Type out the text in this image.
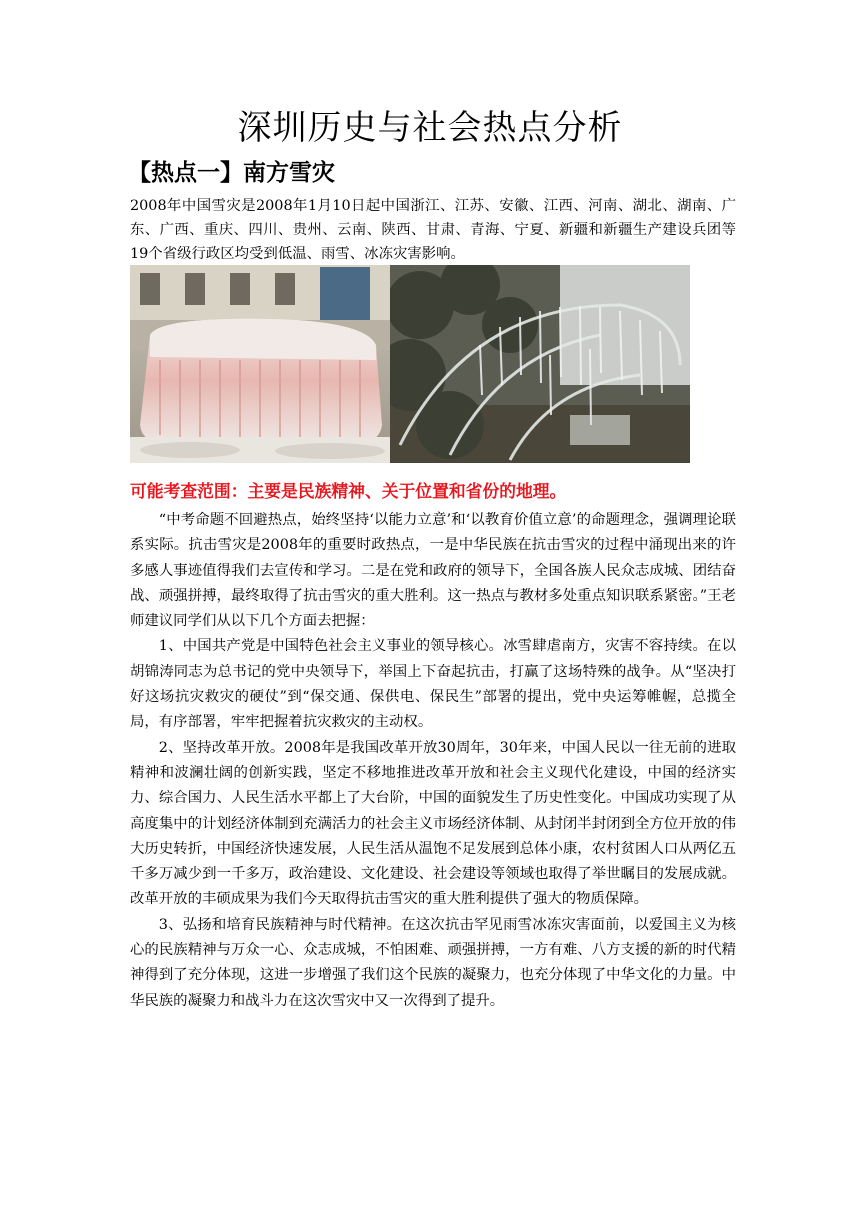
深圳历史与社会热点分析
【热点一】南方雪灾
2008年中国雪灾是2008年1月10日起中国浙江、江苏、安徽、江西、河南、湖北、湖南、广东、广西、重庆、四川、贵州、云南、陕西、甘肃、青海、宁夏、新疆和新疆生产建设兵团等19个省级行政区均受到低温、雨雪、冰冻灾害影响。
可能考查范围：主要是民族精神、关于位置和省份的地理。

“中考命题不回避热点，始终坚持‘以能力立意’和‘以教育价值立意’的命题理念，强调理论联系实际。抗击雪灾是2008年的重要时政热点，一是中华民族在抗击雪灾的过程中涌现出来的许多感人事迹值得我们去宣传和学习。二是在党和政府的领导下，全国各族人民众志成城、团结奋战、顽强拼搏，最终取得了抗击雪灾的重大胜利。这一热点与教材多处重点知识联系紧密。”王老师建议同学们从以下几个方面去把握：

1、中国共产党是中国特色社会主义事业的领导核心。冰雪肆虐南方，灾害不容持续。在以胡锦涛同志为总书记的党中央领导下，举国上下奋起抗击，打赢了这场特殊的战争。从“坚决打好这场抗灾救灾的硬仗”到“保交通、保供电、保民生”部署的提出，党中央运筹帷幄，总揽全局，有序部署，牢牢把握着抗灾救灾的主动权。

2、坚持改革开放。2008年是我国改革开放30周年，30年来，中国人民以一往无前的进取精神和波澜壮阔的创新实践，坚定不移地推进改革开放和社会主义现代化建设，中国的经济实力、综合国力、人民生活水平都上了大台阶，中国的面貌发生了历史性变化。中国成功实现了从高度集中的计划经济体制到充满活力的社会主义市场经济体制、从封闭半封闭到全方位开放的伟大历史转折，中国经济快速发展，人民生活从温饱不足发展到总体小康，农村贫困人口从两亿五千多万减少到一千多万，政治建设、文化建设、社会建设等领域也取得了举世瞩目的发展成就。改革开放的丰硕成果为我们今天取得抗击雪灾的重大胜利提供了强大的物质保障。

3、弘扬和培育民族精神与时代精神。在这次抗击罕见雨雪冰冻灾害面前，以爱国主义为核心的民族精神与万众一心、众志成城，不怕困难、顽强拼搏，一方有难、八方支援的新的时代精神得到了充分体现，这进一步增强了我们这个民族的凝聚力，也充分体现了中华文化的力量。中华民族的凝聚力和战斗力在这次雪灾中又一次得到了提升。
